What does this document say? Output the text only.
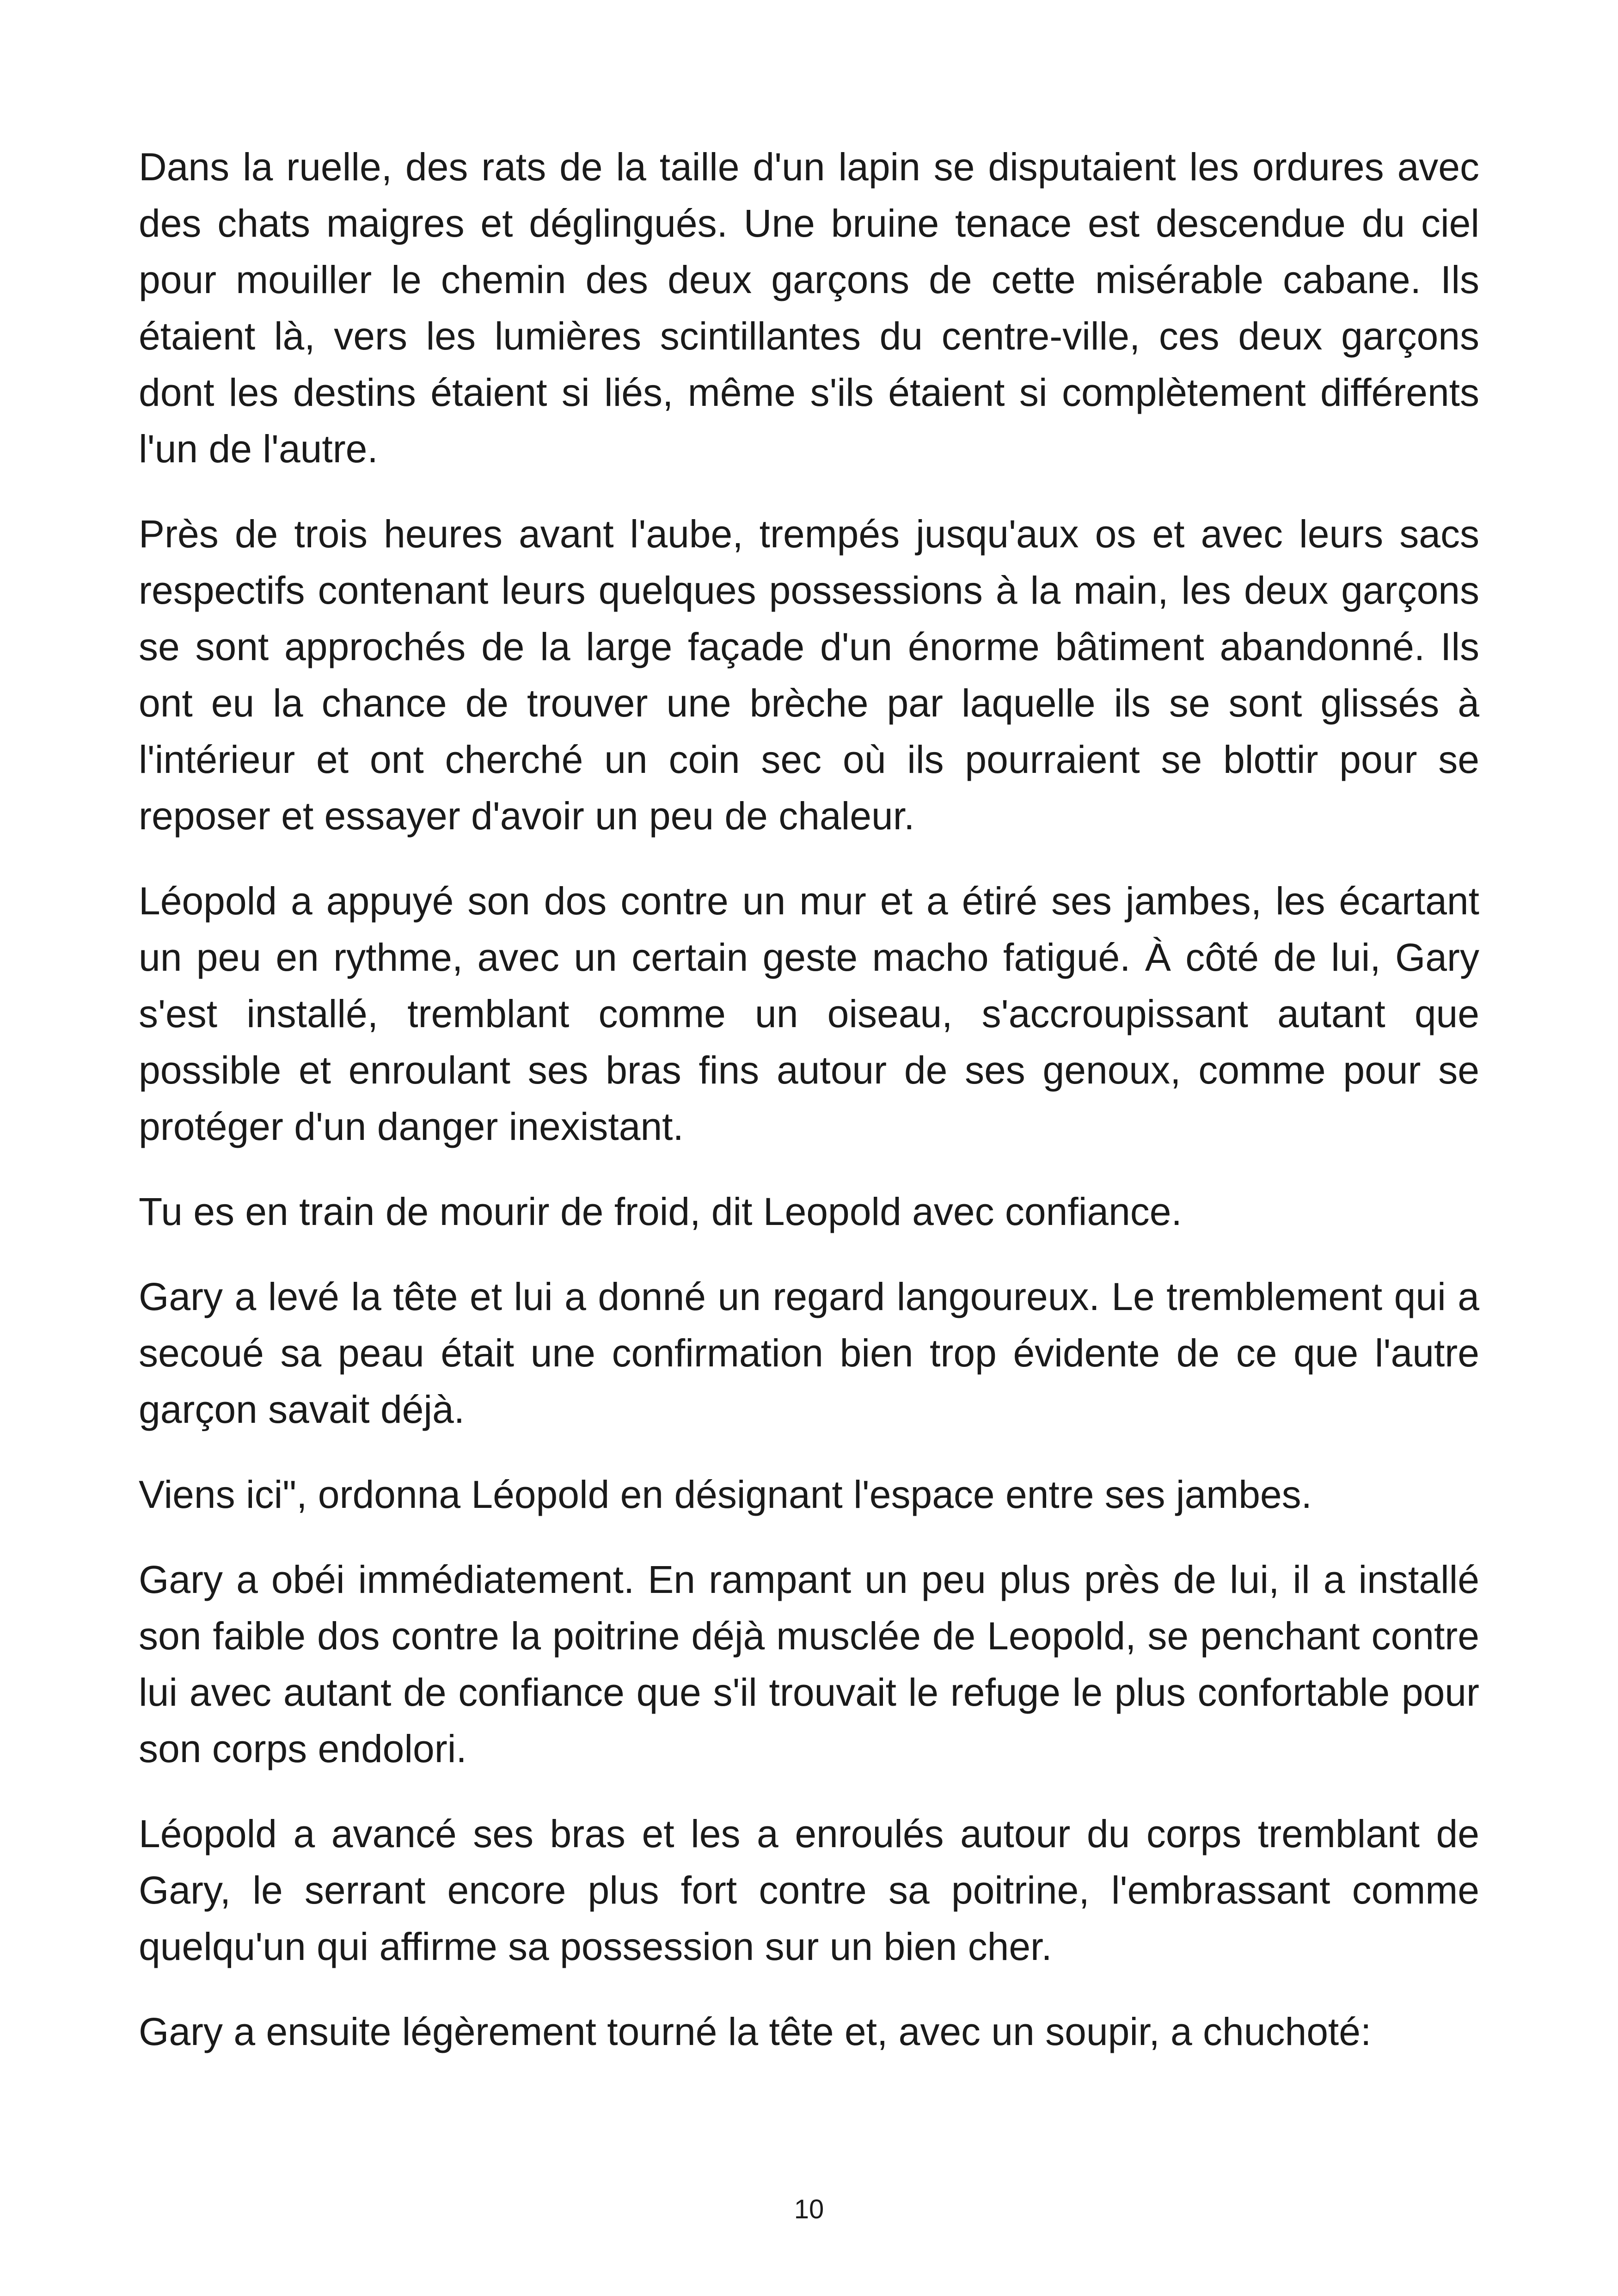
Dans la ruelle, des rats de la taille d'un lapin se disputaient les ordures avec des chats maigres et déglingués. Une bruine tenace est descendue du ciel pour mouiller le chemin des deux garçons de cette misérable cabane. Ils étaient là, vers les lumières scintillantes du centre-ville, ces deux garçons dont les destins étaient si liés, même s'ils étaient si complètement différents l'un de l'autre.

Près de trois heures avant l'aube, trempés jusqu'aux os et avec leurs sacs respectifs contenant leurs quelques possessions à la main, les deux garçons se sont approchés de la large façade d'un énorme bâtiment abandonné. Ils ont eu la chance de trouver une brèche par laquelle ils se sont glissés à l'intérieur et ont cherché un coin sec où ils pourraient se blottir pour se reposer et essayer d'avoir un peu de chaleur.

Léopold a appuyé son dos contre un mur et a étiré ses jambes, les écartant un peu en rythme, avec un certain geste macho fatigué. À côté de lui, Gary s'est installé, tremblant comme un oiseau, s'accroupissant autant que possible et enroulant ses bras fins autour de ses genoux, comme pour se protéger d'un danger inexistant.

Tu es en train de mourir de froid, dit Leopold avec confiance.

Gary a levé la tête et lui a donné un regard langoureux. Le tremblement qui a secoué sa peau était une confirmation bien trop évidente de ce que l'autre garçon savait déjà.

Viens ici", ordonna Léopold en désignant l'espace entre ses jambes.

Gary a obéi immédiatement. En rampant un peu plus près de lui, il a installé son faible dos contre la poitrine déjà musclée de Leopold, se penchant contre lui avec autant de confiance que s'il trouvait le refuge le plus confortable pour son corps endolori.

Léopold a avancé ses bras et les a enroulés autour du corps tremblant de Gary, le serrant encore plus fort contre sa poitrine, l'embrassant comme quelqu'un qui affirme sa possession sur un bien cher.

Gary a ensuite légèrement tourné la tête et, avec un soupir, a chuchoté:

10
